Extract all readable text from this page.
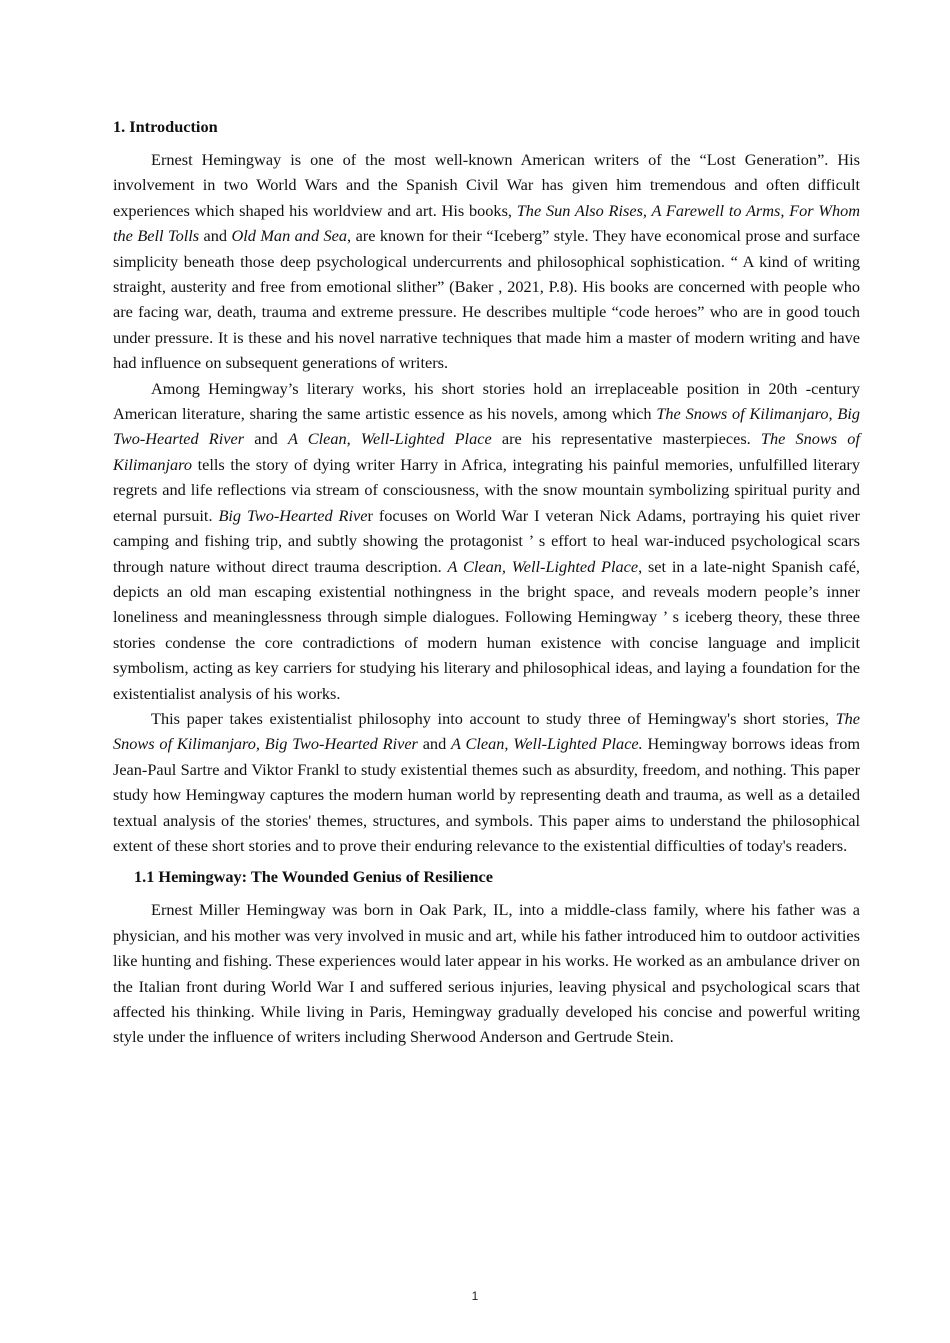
1. Introduction

Ernest Hemingway is one of the most well-known American writers of the “Lost Generation”. His involvement in two World Wars and the Spanish Civil War has given him tremendous and often difficult experiences which shaped his worldview and art. His books, The Sun Also Rises, A Farewell to Arms, For Whom the Bell Tolls and Old Man and Sea, are known for their “Iceberg” style. They have economical prose and surface simplicity beneath those deep psychological undercurrents and philosophical sophistication. “ A kind of writing straight, austerity and free from emotional slither” (Baker , 2021, P.8). His books are concerned with people who are facing war, death, trauma and extreme pressure. He describes multiple “code heroes” who are in good touch under pressure. It is these and his novel narrative techniques that made him a master of modern writing and have had influence on subsequent generations of writers.

Among Hemingway’s literary works, his short stories hold an irreplaceable position in 20th -century American literature, sharing the same artistic essence as his novels, among which The Snows of Kilimanjaro, Big Two-Hearted River and A Clean, Well-Lighted Place are his representative masterpieces. The Snows of Kilimanjaro tells the story of dying writer Harry in Africa, integrating his painful memories, unfulfilled literary regrets and life reflections via stream of consciousness, with the snow mountain symbolizing spiritual purity and eternal pursuit. Big Two-Hearted River focuses on World War I veteran Nick Adams, portraying his quiet river camping and fishing trip, and subtly showing the protagonist ’ s effort to heal war-induced psychological scars through nature without direct trauma description. A Clean, Well-Lighted Place, set in a late-night Spanish café, depicts an old man escaping existential nothingness in the bright space, and reveals modern people’s inner loneliness and meaninglessness through simple dialogues. Following Hemingway ’ s iceberg theory, these three stories condense the core contradictions of modern human existence with concise language and implicit symbolism, acting as key carriers for studying his literary and philosophical ideas, and laying a foundation for the existentialist analysis of his works.

This paper takes existentialist philosophy into account to study three of Hemingway's short stories, The Snows of Kilimanjaro, Big Two-Hearted River and A Clean, Well-Lighted Place. Hemingway borrows ideas from Jean-Paul Sartre and Viktor Frankl to study existential themes such as absurdity, freedom, and nothing. This paper study how Hemingway captures the modern human world by representing death and trauma, as well as a detailed textual analysis of the stories' themes, structures, and symbols. This paper aims to understand the philosophical extent of these short stories and to prove their enduring relevance to the existential difficulties of today's readers.

1.1 Hemingway: The Wounded Genius of Resilience

Ernest Miller Hemingway was born in Oak Park, IL, into a middle-class family, where his father was a physician, and his mother was very involved in music and art, while his father introduced him to outdoor activities like hunting and fishing. These experiences would later appear in his works. He worked as an ambulance driver on the Italian front during World War I and suffered serious injuries, leaving physical and psychological scars that affected his thinking. While living in Paris, Hemingway gradually developed his concise and powerful writing style under the influence of writers including Sherwood Anderson and Gertrude Stein.

1
